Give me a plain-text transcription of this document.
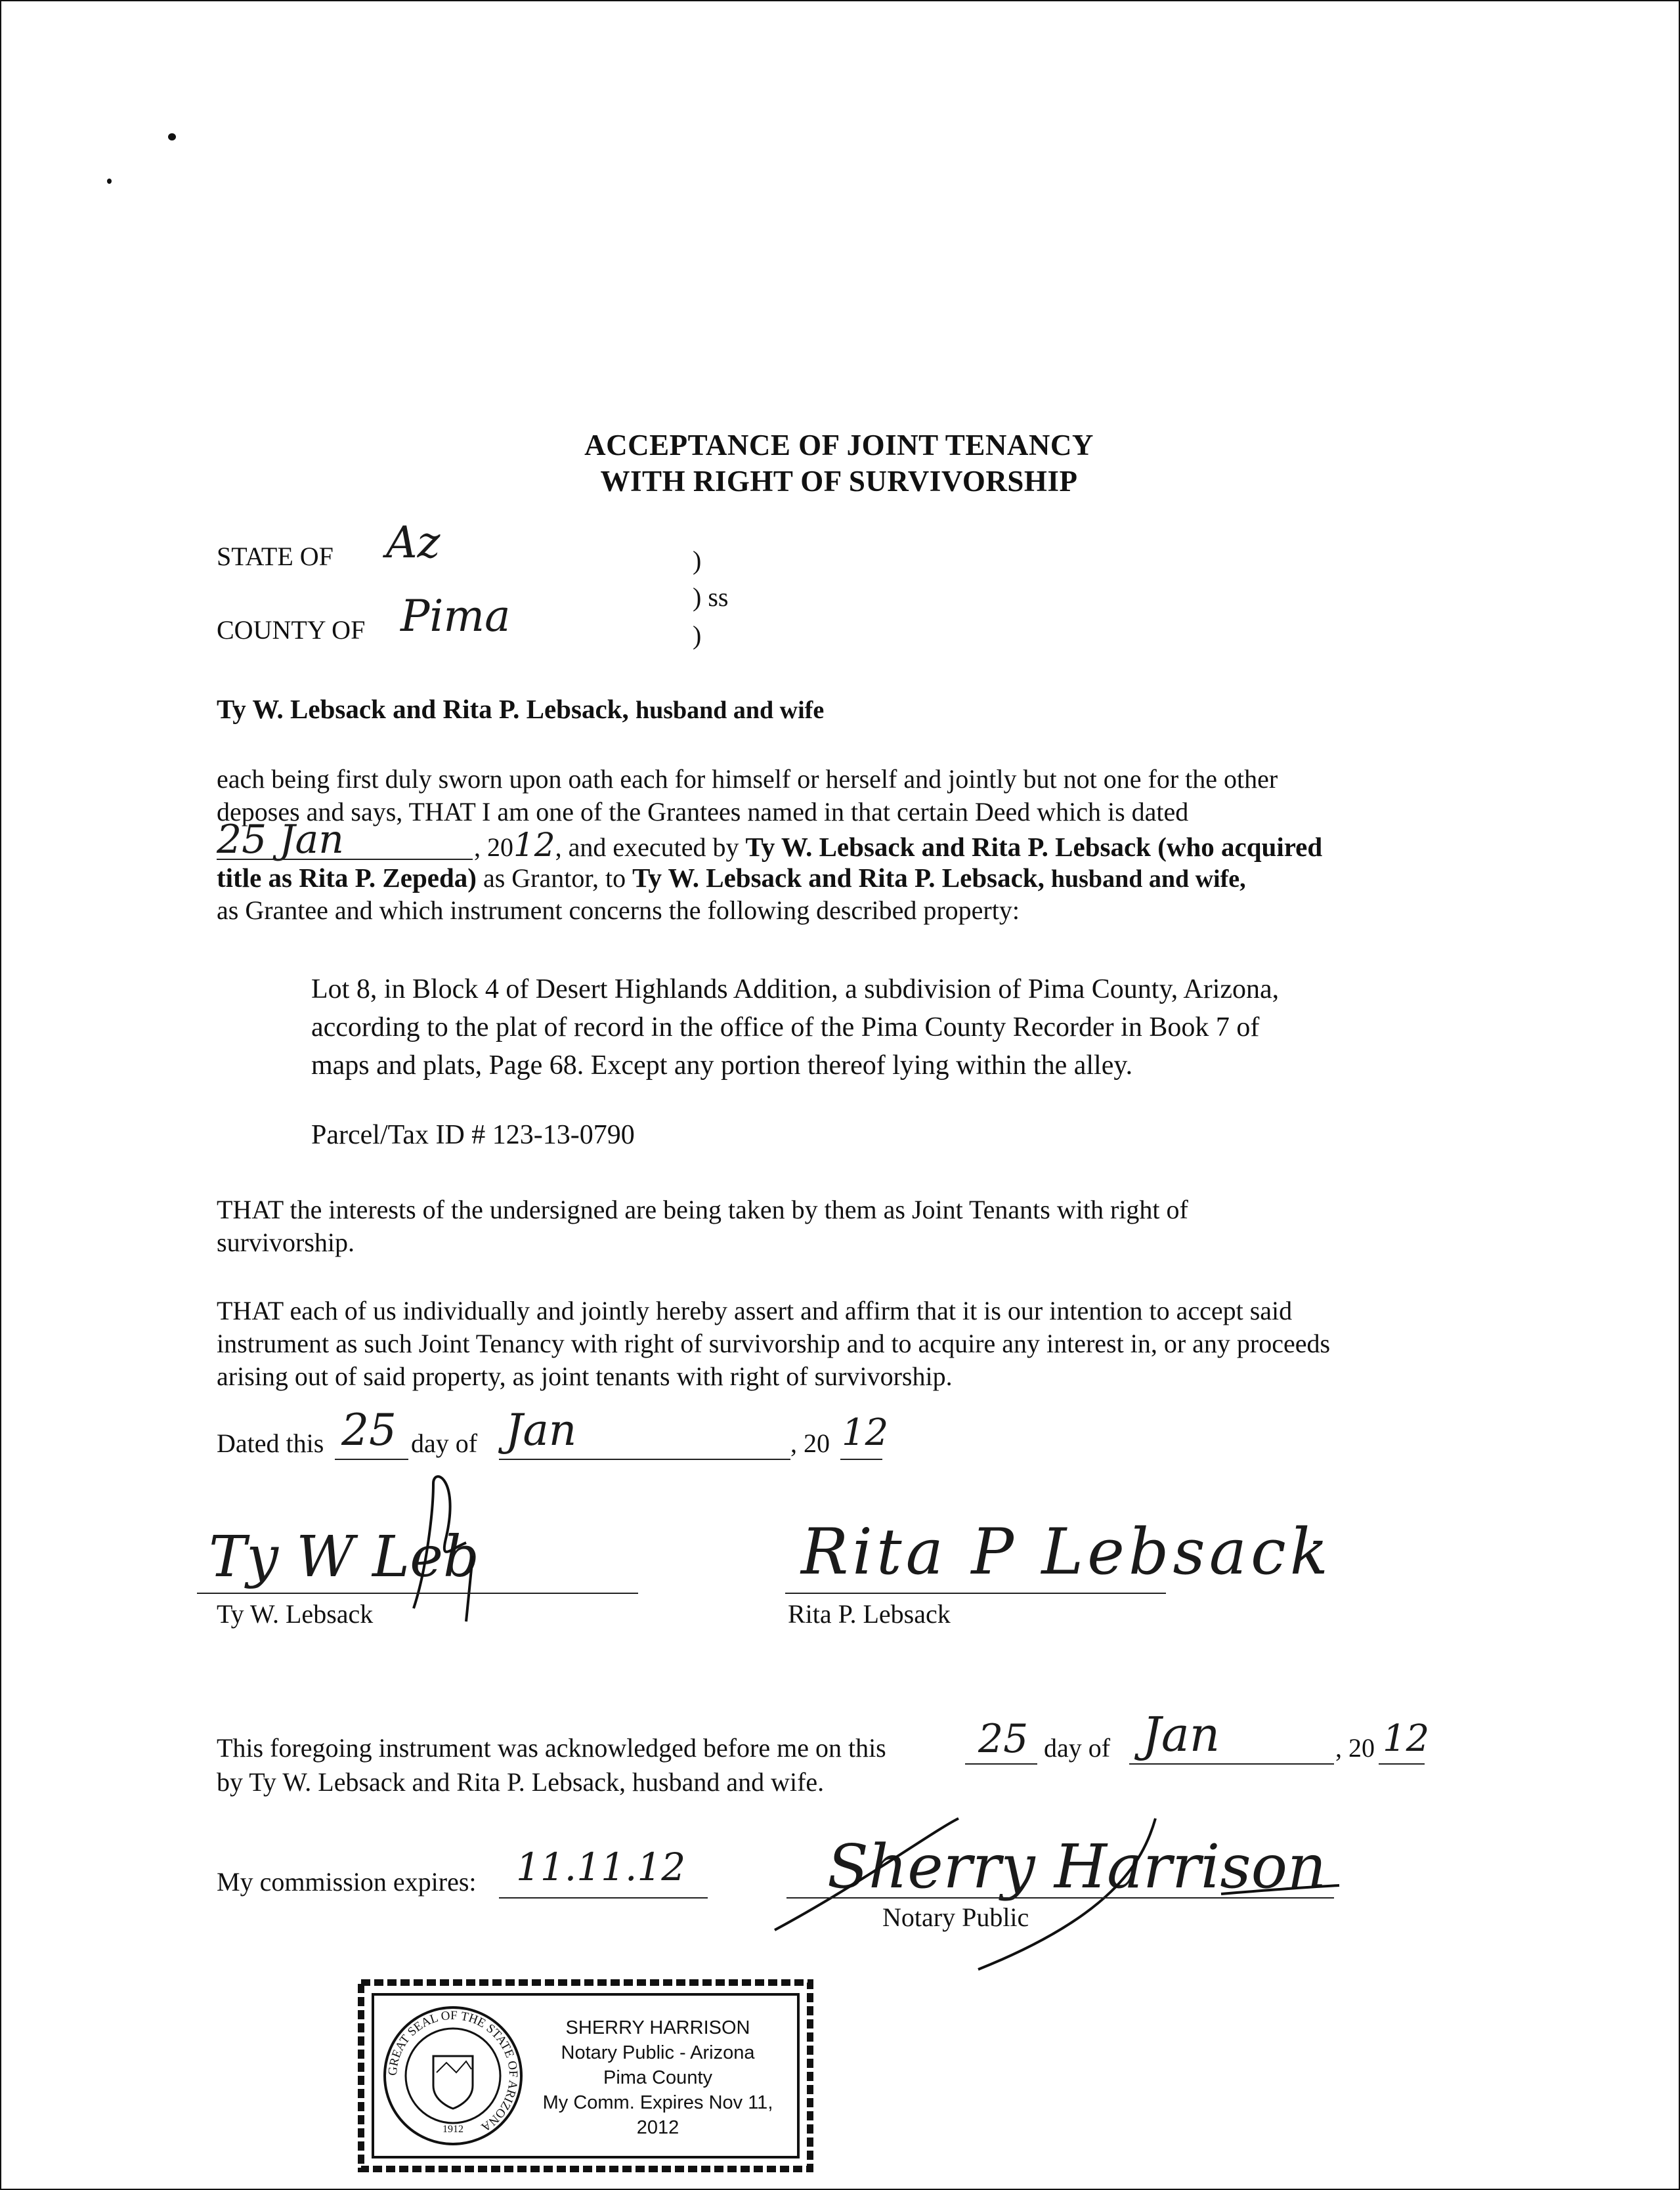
ACCEPTANCE OF JOINT TENANCY
WITH RIGHT OF SURVIVORSHIP
STATE OF Az
COUNTY OF Pima
)
) ss
)
Ty W. Lebsack and Rita P. Lebsack, husband and wife
each being first duly sworn upon oath each for himself or herself and jointly but not one for the other
deposes and says, THAT I am one of the Grantees named in that certain Deed which is dated
25 Jan	, 2012, and executed by Ty W. Lebsack and Rita P. Lebsack (who acquired
title as Rita P. Zepeda) as Grantor, to Ty W. Lebsack and Rita P. Lebsack, husband and wife,
as Grantee and which instrument concerns the following described property:
Lot 8, in Block 4 of Desert Highlands Addition, a subdivision of Pima County, Arizona,
according to the plat of record in the office of the Pima County Recorder in Book 7 of
maps and plats, Page 68. Except any portion thereof lying within the alley.
Parcel/Tax ID # 123-13-0790
THAT the interests of the undersigned are being taken by them as Joint Tenants with right of
survivorship.
THAT each of us individually and jointly hereby assert and affirm that it is our intention to accept said
instrument as such Joint Tenancy with right of survivorship and to acquire any interest in, or any proceeds
arising out of said property, as joint tenants with right of survivorship.
Dated this 25 day of Jan	, 20 12
Ty W Leb
Ty W. Lebsack
Rita P Lebsack
Rita P. Lebsack
This foregoing instrument was acknowledged before me on this 25 day of Jan	, 20 12
by Ty W. Lebsack and Rita P. Lebsack, husband and wife.
My commission expires: 11.11.12 Sherry Harrison
Notary Public
GREAT SEAL OF THE STATE OF ARIZONA
1912
SHERRY HARRISON
Notary Public - Arizona
Pima County
My Comm. Expires Nov 11, 2012
